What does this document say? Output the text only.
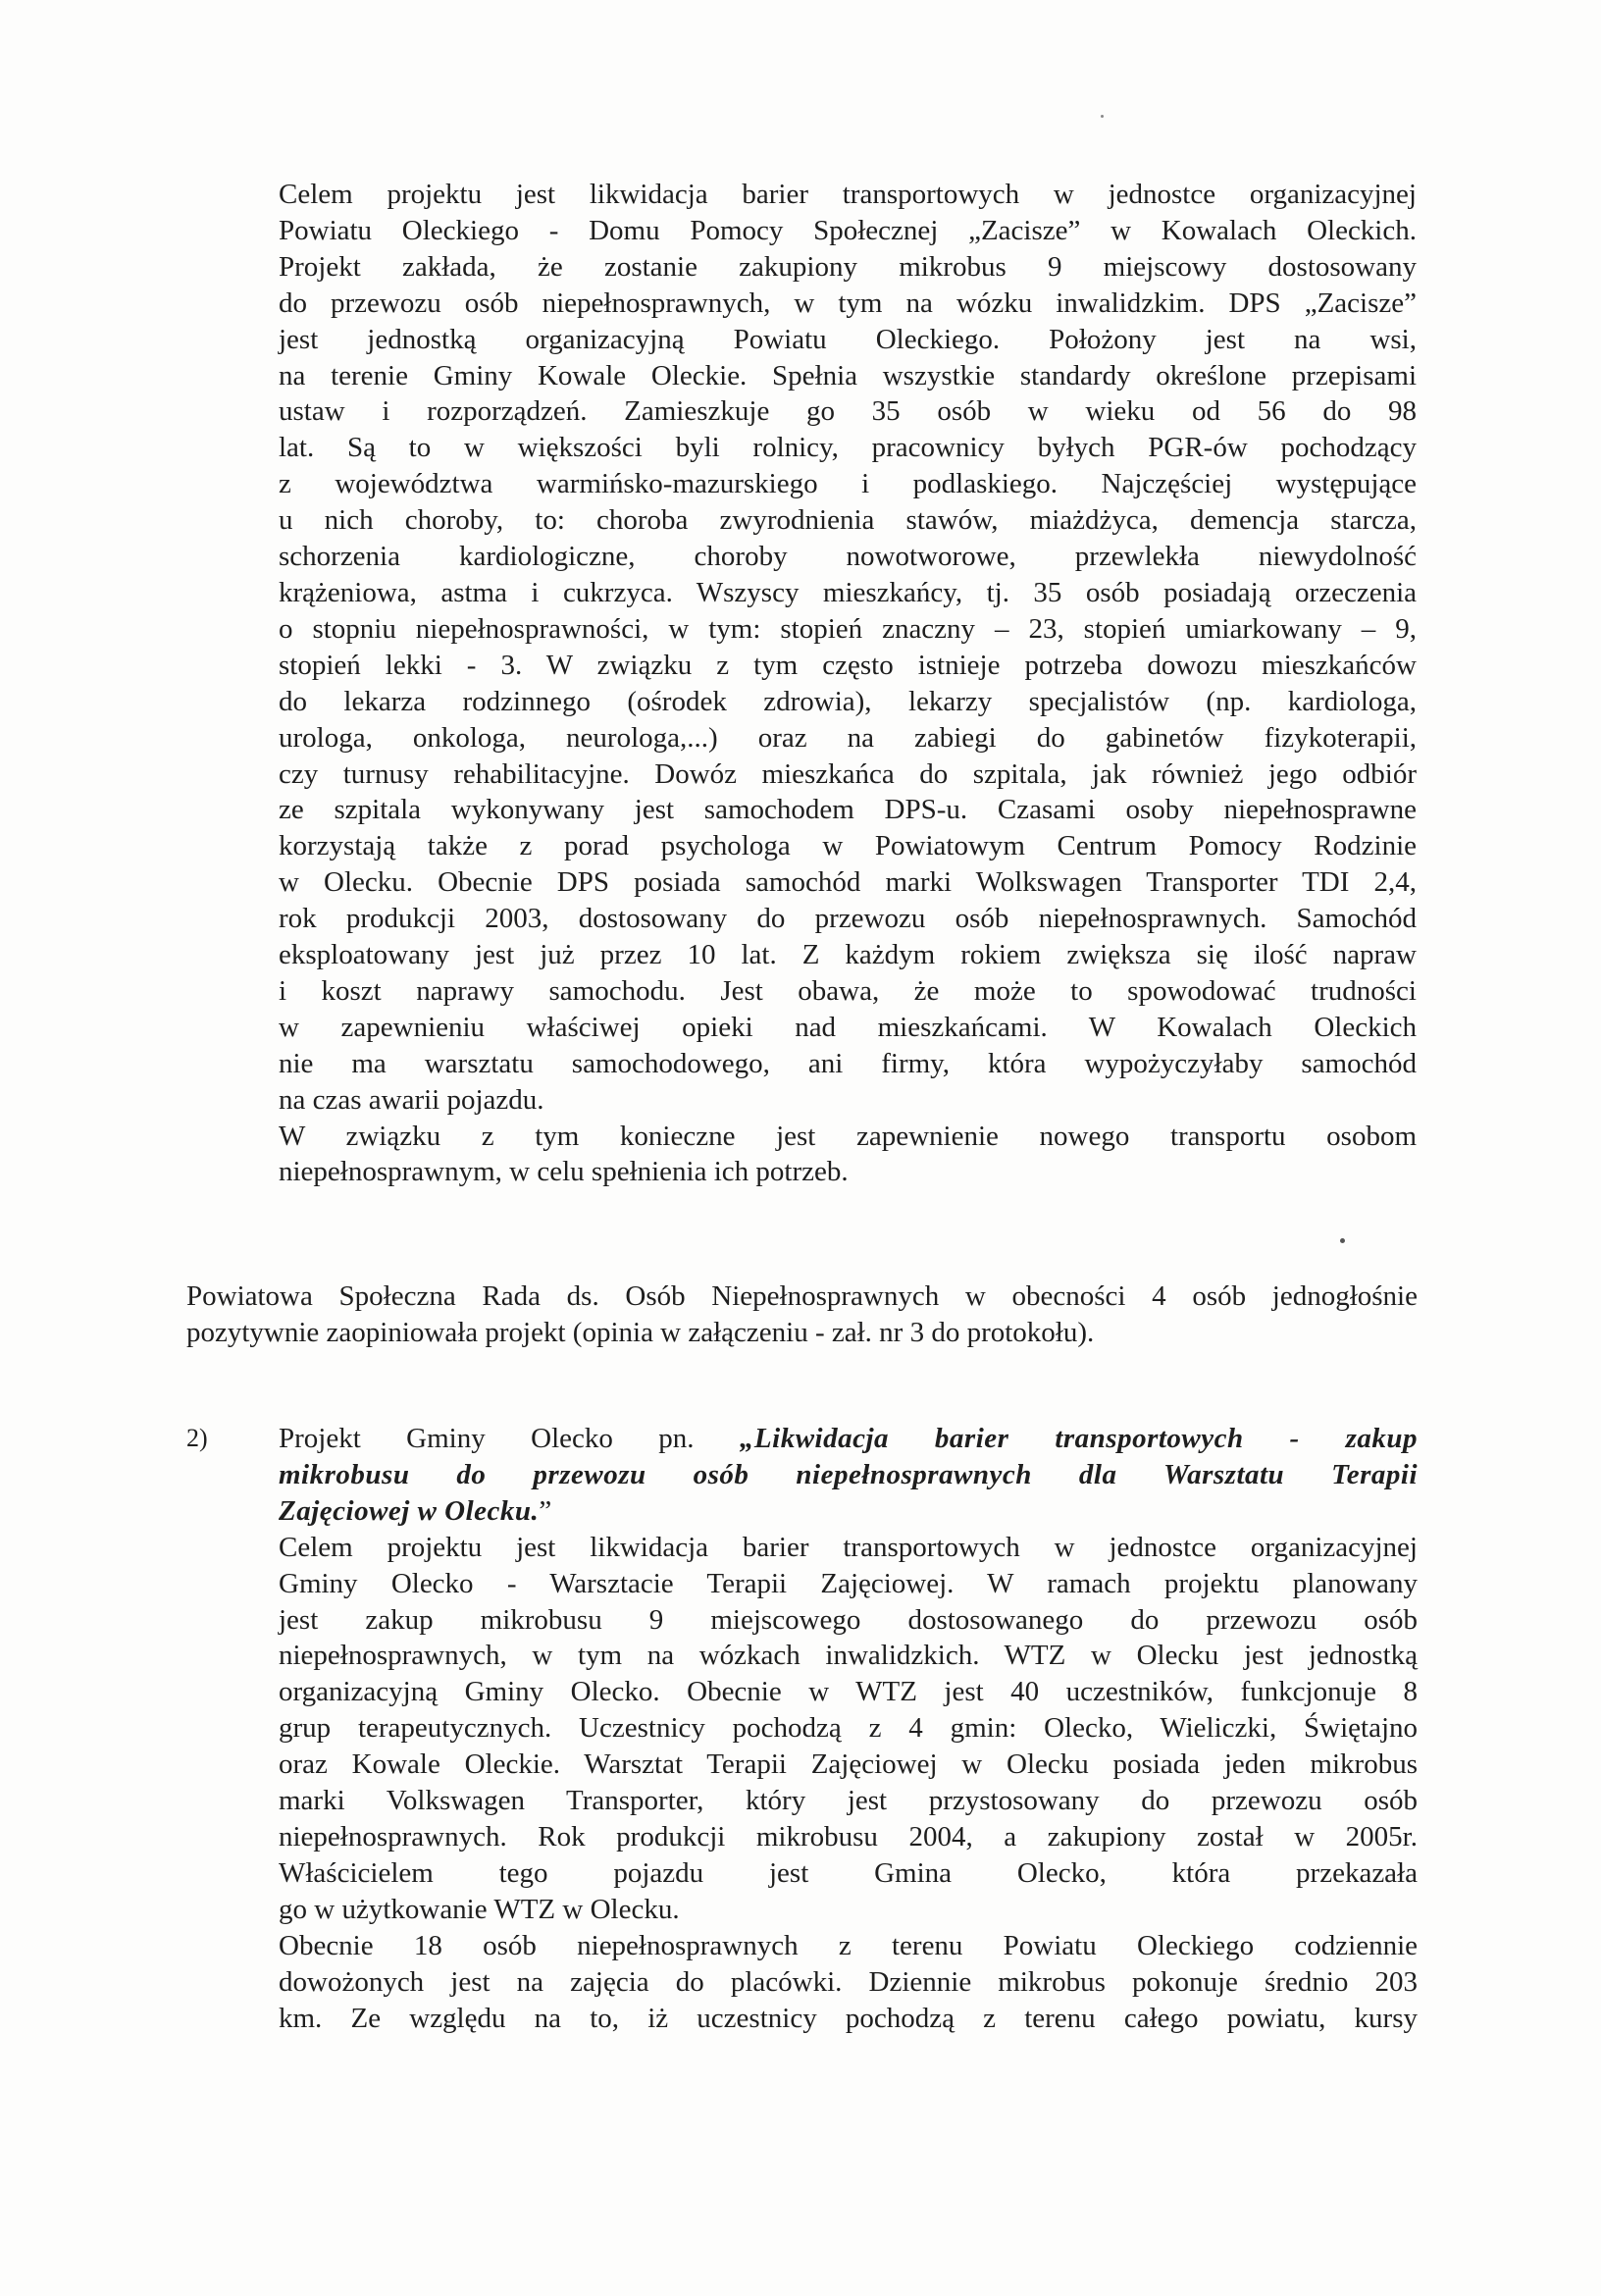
Celem projektu jest likwidacja barier transportowych w jednostce organizacyjnej
Powiatu Oleckiego - Domu Pomocy Społecznej „Zacisze” w Kowalach Oleckich.
Projekt zakłada, że zostanie zakupiony mikrobus 9 miejscowy dostosowany
do przewozu osób niepełnosprawnych, w tym na wózku inwalidzkim. DPS „Zacisze”
jest jednostką organizacyjną Powiatu Oleckiego. Położony jest na wsi,
na terenie Gminy Kowale Oleckie. Spełnia wszystkie standardy określone przepisami
ustaw i rozporządzeń. Zamieszkuje go 35 osób w wieku od 56 do 98
lat. Są to w większości byli rolnicy, pracownicy byłych PGR-ów pochodzący
z województwa warmińsko-mazurskiego i podlaskiego. Najczęściej występujące
u nich choroby, to: choroba zwyrodnienia stawów, miażdżyca, demencja starcza,
schorzenia kardiologiczne, choroby nowotworowe, przewlekła niewydolność
krążeniowa, astma i cukrzyca. Wszyscy mieszkańcy, tj. 35 osób posiadają orzeczenia
o stopniu niepełnosprawności, w tym: stopień znaczny – 23, stopień umiarkowany – 9,
stopień lekki - 3. W związku z tym często istnieje potrzeba dowozu mieszkańców
do lekarza rodzinnego (ośrodek zdrowia), lekarzy specjalistów (np. kardiologa,
urologa, onkologa, neurologa,...) oraz na zabiegi do gabinetów fizykoterapii,
czy turnusy rehabilitacyjne. Dowóz mieszkańca do szpitala, jak również jego odbiór
ze szpitala wykonywany jest samochodem DPS-u. Czasami osoby niepełnosprawne
korzystają także z porad psychologa w Powiatowym Centrum Pomocy Rodzinie
w Olecku. Obecnie DPS posiada samochód marki Wolkswagen Transporter TDI 2,4,
rok produkcji 2003, dostosowany do przewozu osób niepełnosprawnych. Samochód
eksploatowany jest już przez 10 lat. Z każdym rokiem zwiększa się ilość napraw
i koszt naprawy samochodu. Jest obawa, że może to spowodować trudności
w zapewnieniu właściwej opieki nad mieszkańcami. W Kowalach Oleckich
nie ma warsztatu samochodowego, ani firmy, która wypożyczyłaby samochód
na czas awarii pojazdu.
W związku z tym konieczne jest zapewnienie nowego transportu osobom
niepełnosprawnym, w celu spełnienia ich potrzeb.
Powiatowa Społeczna Rada ds. Osób Niepełnosprawnych w obecności 4 osób jednogłośnie
pozytywnie zaopiniowała projekt (opinia w załączeniu - zał. nr 3 do protokołu).
2) Projekt Gminy Olecko pn. „Likwidacja barier transportowych - zakup
mikrobusu do przewozu osób niepełnosprawnych dla Warsztatu Terapii
Zajęciowej w Olecku.”
Celem projektu jest likwidacja barier transportowych w jednostce organizacyjnej
Gminy Olecko - Warsztacie Terapii Zajęciowej. W ramach projektu planowany
jest zakup mikrobusu 9 miejscowego dostosowanego do przewozu osób
niepełnosprawnych, w tym na wózkach inwalidzkich. WTZ w Olecku jest jednostką
organizacyjną Gminy Olecko. Obecnie w WTZ jest 40 uczestników, funkcjonuje 8
grup terapeutycznych. Uczestnicy pochodzą z 4 gmin: Olecko, Wieliczki, Świętajno
oraz Kowale Oleckie. Warsztat Terapii Zajęciowej w Olecku posiada jeden mikrobus
marki Volkswagen Transporter, który jest przystosowany do przewozu osób
niepełnosprawnych. Rok produkcji mikrobusu 2004, a zakupiony został w 2005r.
Właścicielem tego pojazdu jest Gmina Olecko, która przekazała
go w użytkowanie WTZ w Olecku.
Obecnie 18 osób niepełnosprawnych z terenu Powiatu Oleckiego codziennie
dowożonych jest na zajęcia do placówki. Dziennie mikrobus pokonuje średnio 203
km. Ze względu na to, iż uczestnicy pochodzą z terenu całego powiatu, kursy
